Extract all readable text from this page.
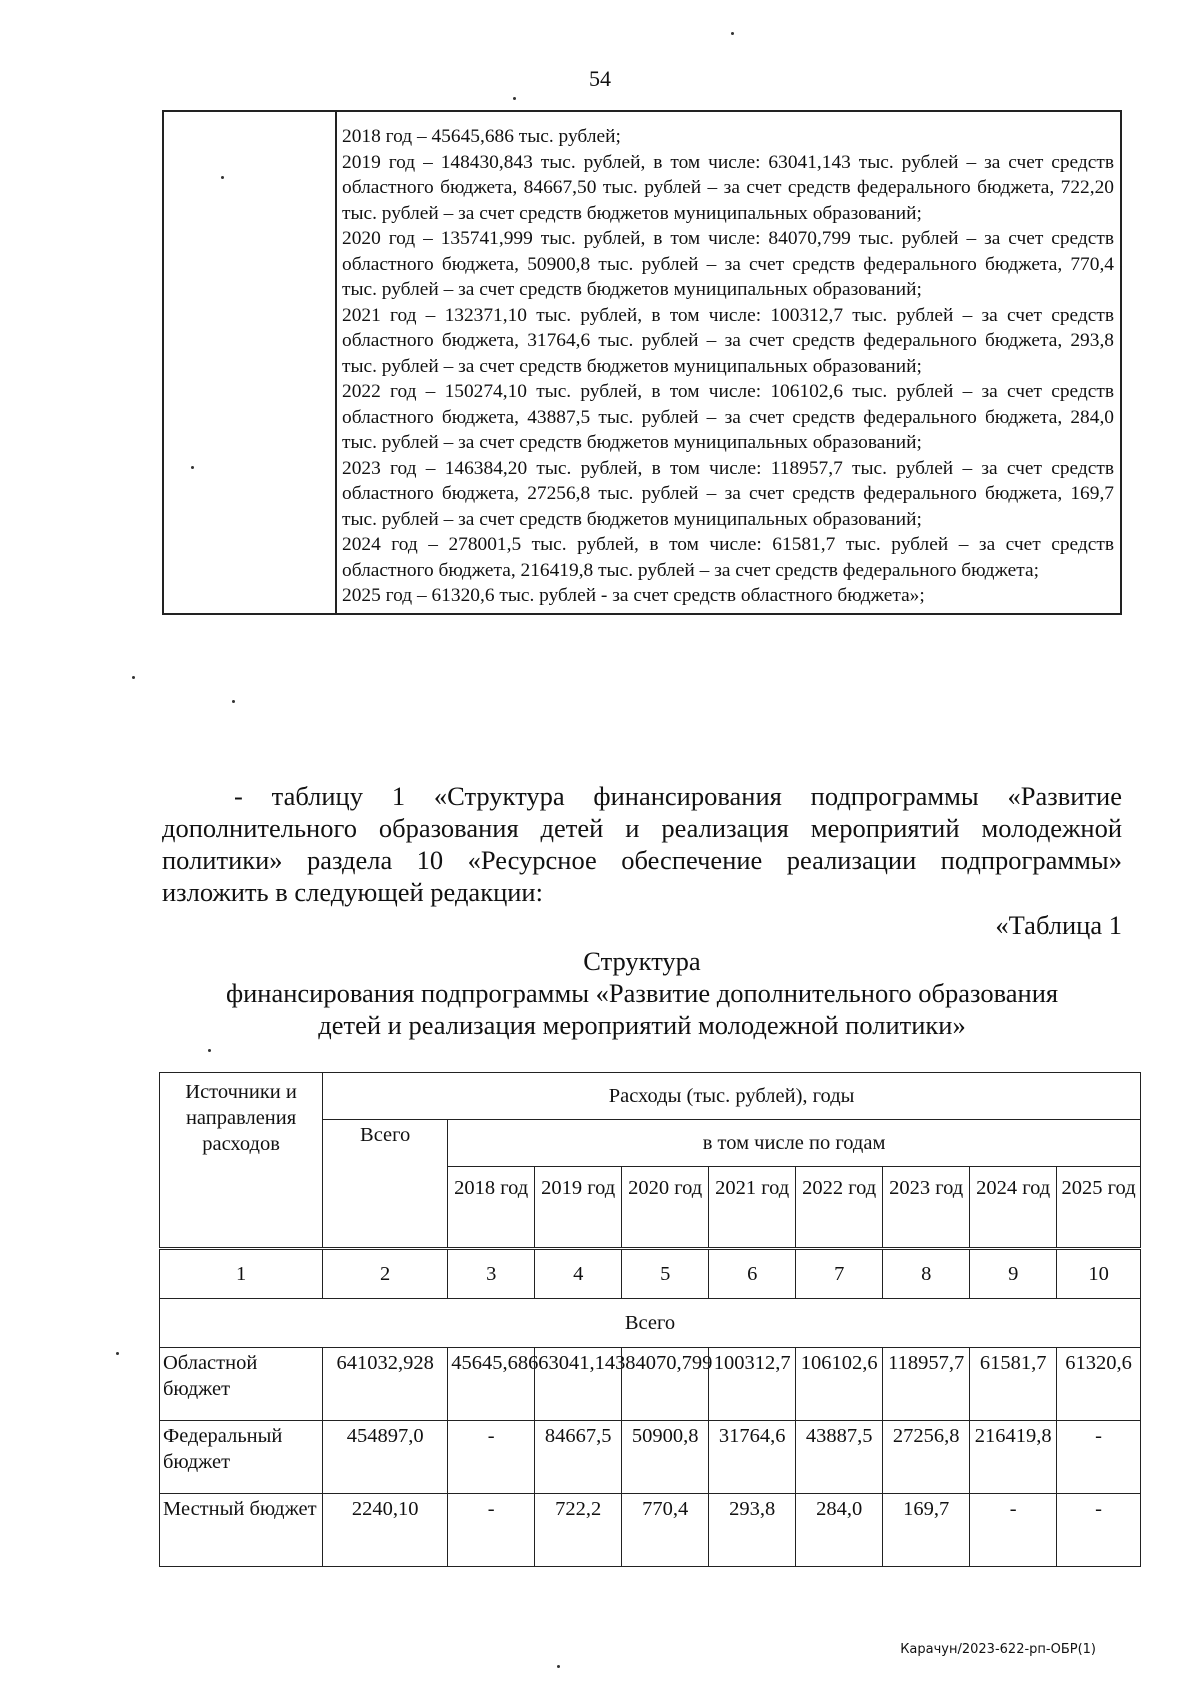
54

2018 год – 45645,686 тыс. рублей;

2019 год – 148430,843 тыс. рублей, в том числе: 63041,143 тыс. рублей – за счет средств областного бюджета, 84667,50 тыс. рублей – за счет средств федерального бюджета, 722,20 тыс. рублей – за счет средств бюджетов муниципальных образований;

2020 год – 135741,999 тыс. рублей, в том числе: 84070,799 тыс. рублей – за счет средств областного бюджета, 50900,8 тыс. рублей – за счет средств федерального бюджета, 770,4 тыс. рублей – за счет средств бюджетов муниципальных образований;

2021 год – 132371,10 тыс. рублей, в том числе: 100312,7 тыс. рублей – за счет средств областного бюджета, 31764,6 тыс. рублей – за счет средств федерального бюджета, 293,8 тыс. рублей – за счет средств бюджетов муниципальных образований;

2022 год – 150274,10 тыс. рублей, в том числе: 106102,6 тыс. рублей – за счет средств областного бюджета, 43887,5 тыс. рублей – за счет средств федерального бюджета, 284,0 тыс. рублей – за счет средств бюджетов муниципальных образований;

2023 год – 146384,20 тыс. рублей, в том числе: 118957,7 тыс. рублей – за счет средств областного бюджета, 27256,8 тыс. рублей – за счет средств федерального бюджета, 169,7 тыс. рублей – за счет средств бюджетов муниципальных образований;

2024 год – 278001,5 тыс. рублей, в том числе: 61581,7 тыс. рублей – за счет средств областного бюджета, 216419,8 тыс. рублей – за счет средств федерального бюджета;

2025 год – 61320,6 тыс. рублей - за счет средств областного бюджета»;

- таблицу 1 «Структура финансирования подпрограммы «Развитие дополнительного образования детей и реализация мероприятий молодежной политики» раздела 10 «Ресурсное обеспечение реализации подпрограммы» изложить в следующей редакции:

«Таблица 1
Структура
финансирования подпрограммы «Развитие дополнительного образования
детей и реализация мероприятий молодежной политики»
Источники и направления расходов	Расходы (тыс. рублей), годы								
	Всего	в том числе по годам							
		2018 год	2019 год	2020 год	2021 год	2022 год	2023 год	2024 год	2025 год
1	2	3	4	5	6	7	8	9	10
Всего									
Областной бюджет	641032,928	45645,686	63041,143	84070,799	100312,7	106102,6	118957,7	61581,7	61320,6
Федеральный бюджет	454897,0	-	84667,5	50900,8	31764,6	43887,5	27256,8	216419,8	-
Местный бюджет	2240,10	-	722,2	770,4	293,8	284,0	169,7	-	-
Карачун/2023-622-рп-ОБР(1)
